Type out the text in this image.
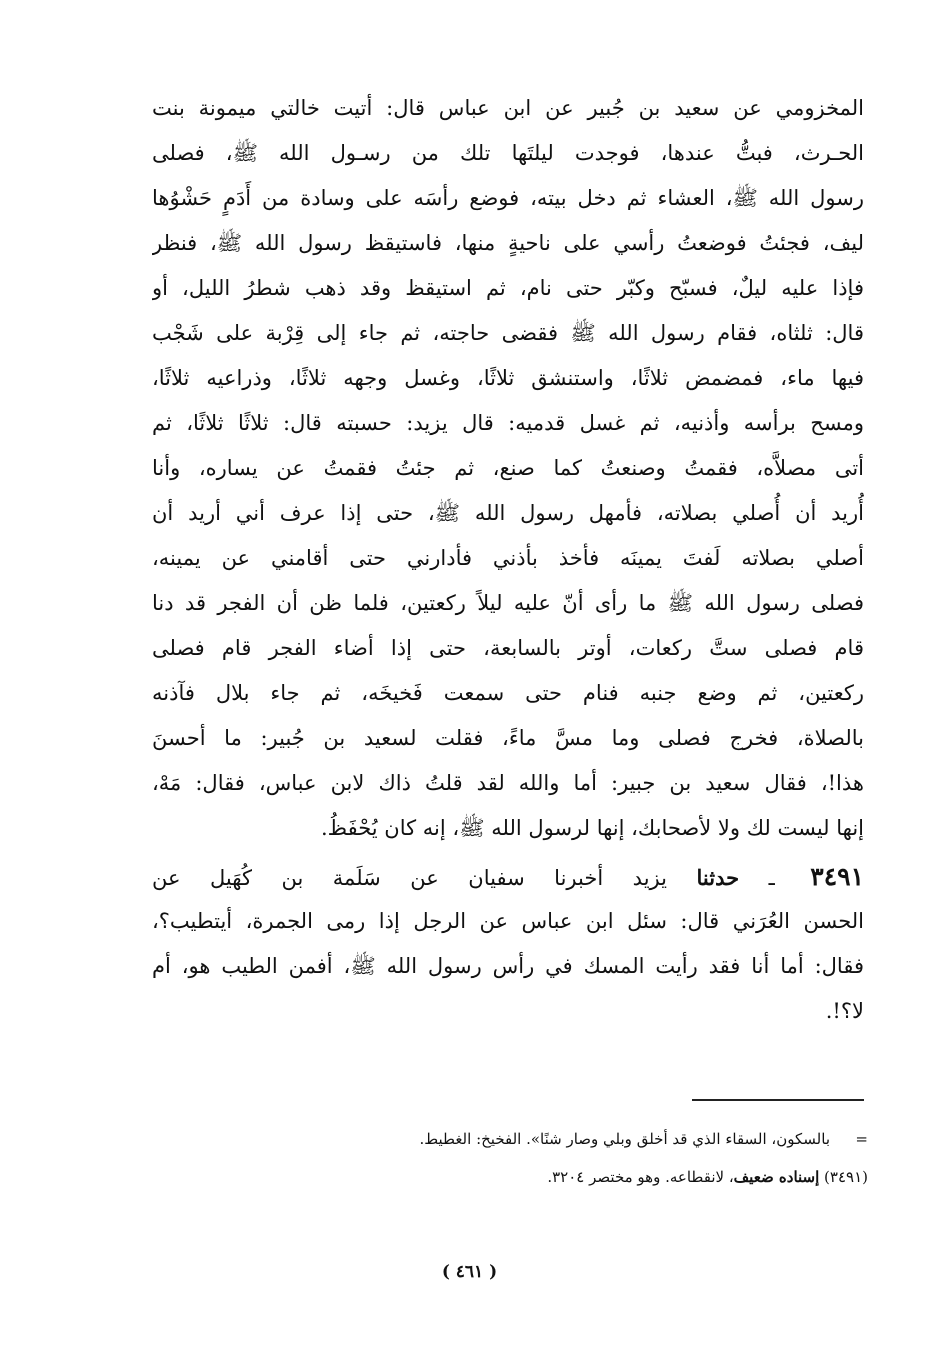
المخزومي عن سعيد بن جُبير عن ابن عباس قال: أتيت خالتي ميمونة بنت
الحـرث، فبتُّ عندها، فوجدت ليلتَها تلك من رسـول الله ﷺ، فصلى
رسول الله ﷺ، العشاء ثم دخل بيته، فوضع رأسَه على وسادة من أَدَمٍ حَشْوُها
ليف، فجئتُ فوضعتُ رأسي على ناحيةٍ منها، فاستيقظ رسول الله ﷺ، فنظر
فإذا عليه ليلٌ، فسبّح وكبّر حتى نام، ثم استيقظ وقد ذهب شطرُ الليل، أو
قال: ثلثاه، فقام رسول الله ﷺ فقضى حاجته، ثم جاء إلى قِرْبة على شَجْب
فيها ماء، فمضمض ثلاثًا، واستنشق ثلاثًا، وغسل وجهه ثلاثًا، وذراعيه ثلاثًا،
ومسح برأسه وأذنيه، ثم غسل قدميه: قال يزيد: حسبته قال: ثلاثًا ثلاثًا، ثم
أتى مصلاَّه، فقمتُ وصنعتُ كما صنع، ثم جئتُ فقمتُ عن يساره، وأنا
أُريد أن أُصلي بصلاته، فأمهل رسول الله ﷺ، حتى إذا عرف أني أريد أن
أصلي بصلاته لَفتَ يمينَه فأخذ بأذني فأدارني حتى أقامني عن يمينه،
فصلى رسول الله ﷺ ما رأى أنّ عليه ليلاً ركعتين، فلما ظن أن الفجر قد دنا
قام فصلى ستَّ ركعات، أوتر بالسابعة، حتى إذا أضاء الفجر قام فصلى
ركعتين، ثم وضع جنبه فنام حتى سمعت فَخيخَه، ثم جاء بلال فآذنه
بالصلاة، فخرج فصلى وما مسَّ ماءً، فقلت لسعيد بن جُبير: ما أحسنَ
هذا!، فقال سعيد بن جبير: أما والله لقد قلتُ ذاك لابن عباس، فقال: مَهْ،
إنها ليست لك ولا لأصحابك، إنها لرسول الله ﷺ، إنه كان يُحْفَظُ.
٣٤٩١ ـ حدثنا يزيد أخبرنا سفيان عن سَلَمة بن كُهَيل عن
الحسن العُرَني قال: سئل ابن عباس عن الرجل إذا رمى الجمرة، أيتطيب؟،
فقال: أما أنا فقد رأيت المسك في رأس رسول الله ﷺ، أفمن الطيب هو، أم
لا؟!.
=
بالسكون، السقاء الذي قد أخلق وبلي وصار شنًا». الفخيخ: الغطيط.
(٣٤٩١) إسناده ضعيف، لانقطاعه. وهو مختصر ٣٢٠٤.
( ٤٦١ )
